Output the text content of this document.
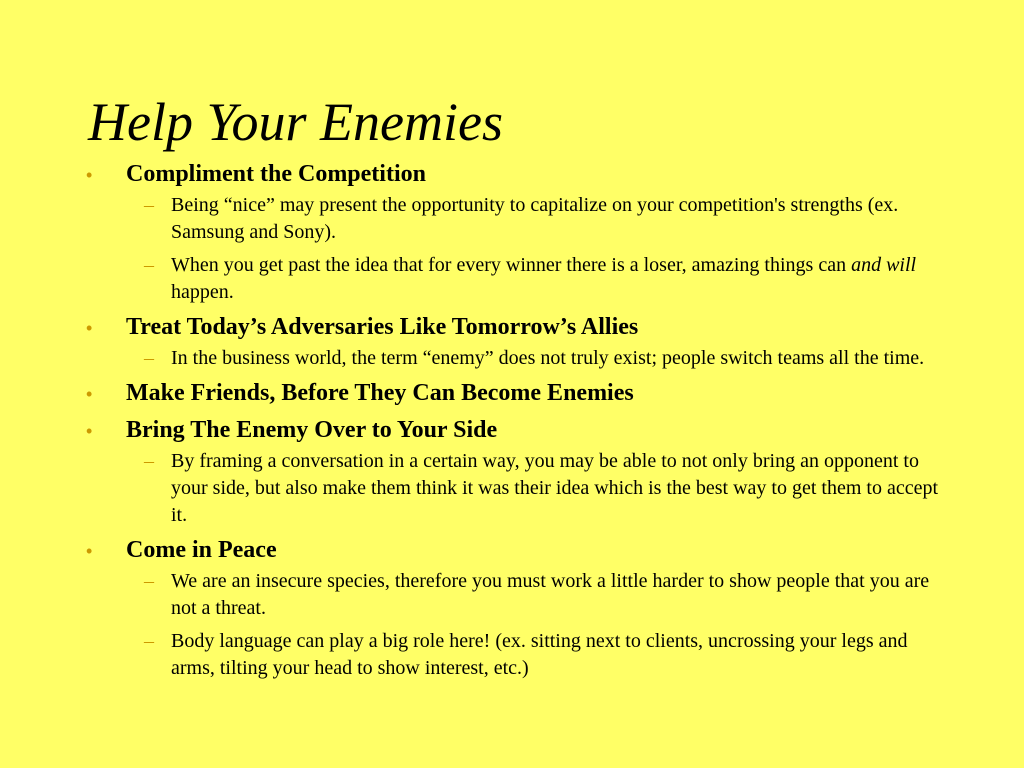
Help Your Enemies
• Compliment the Competition
– Being “nice” may present the opportunity to capitalize on your competition's strengths (ex. Samsung and Sony).
– When you get past the idea that for every winner there is a loser, amazing things can and will happen.
• Treat Today’s Adversaries Like Tomorrow’s Allies
– In the business world, the term “enemy” does not truly exist; people switch teams all the time.
• Make Friends, Before They Can Become Enemies
• Bring The Enemy Over to Your Side
– By framing a conversation in a certain way, you may be able to not only bring an opponent to your side, but also make them think it was their idea which is the best way to get them to accept it.
• Come in Peace
– We are an insecure species, therefore you must work a little harder to show people that you are not a threat.
– Body language can play a big role here! (ex. sitting next to clients, uncrossing your legs and arms, tilting your head to show interest, etc.)
